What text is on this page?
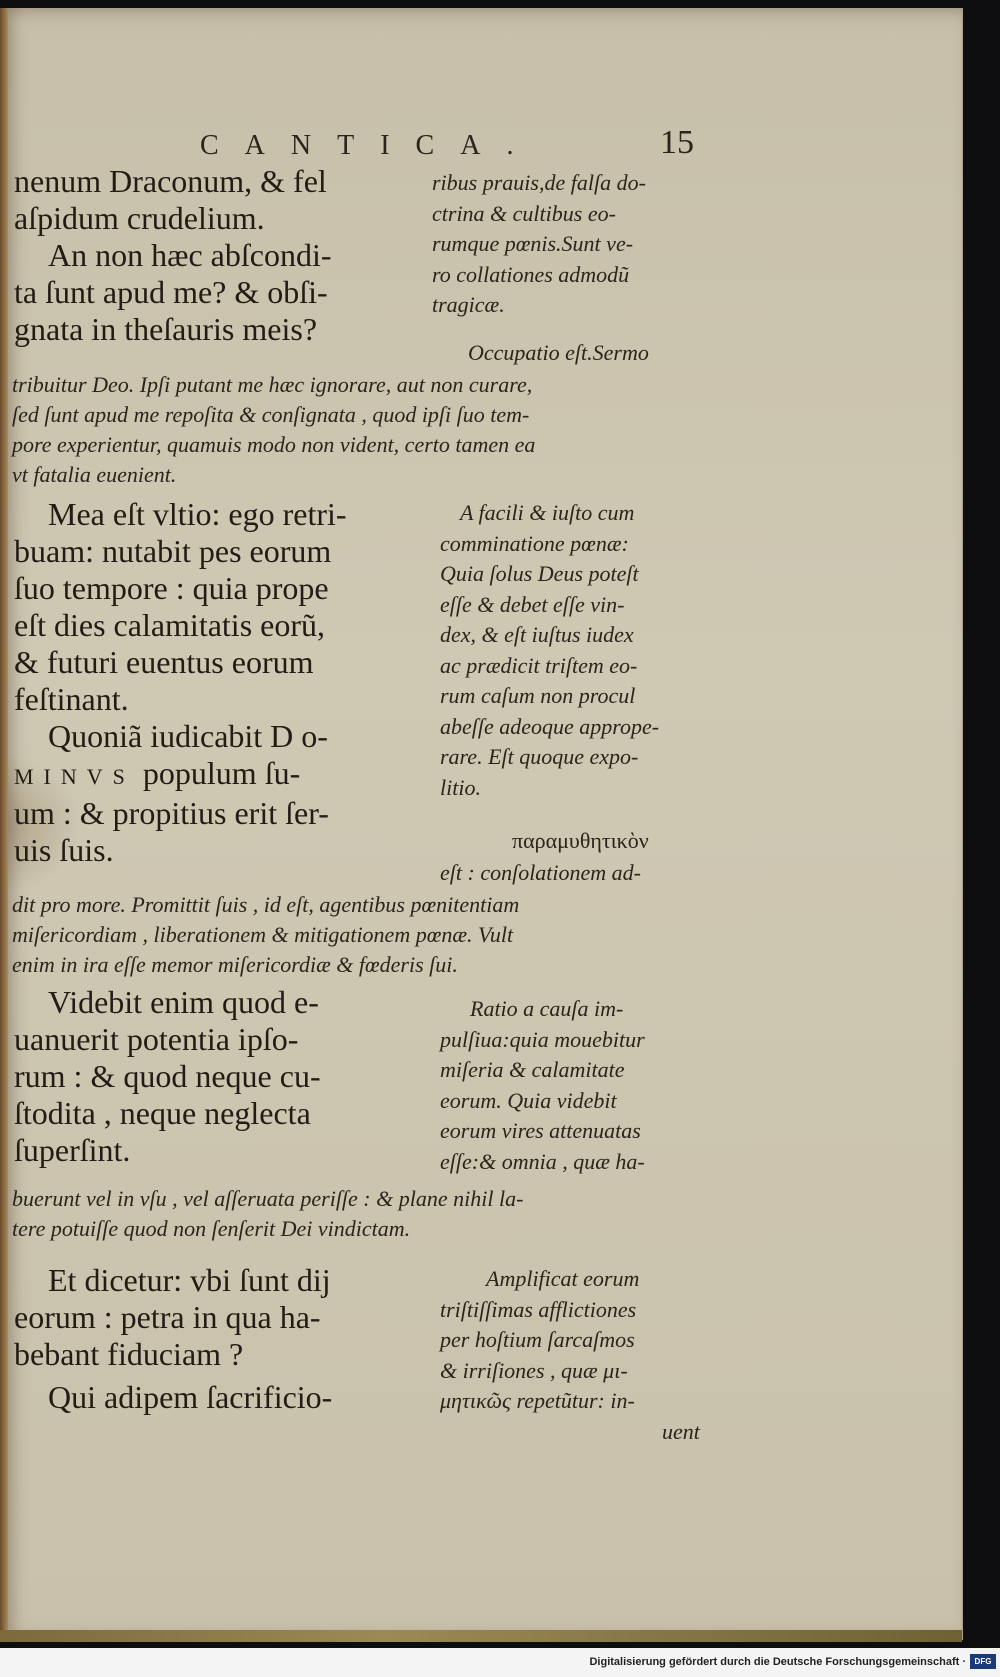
CANTICA.	15
nenum Draconum, & fel
aſpidum crudelium.
An non hæc abſcondi-
ta ſunt apud me? & obſi-
gnata in theſauris meis?
ribus prauis,de falſa do-
ctrina & cultibus eo-
rumque pœnis.Sunt ve-
ro collationes admodũ
tragicæ.
Occupatio eſt.Sermo
tribuitur Deo. Ipſi putant me hæc ignorare, aut non curare,
ſed ſunt apud me repoſita & conſignata , quod ipſi ſuo tem-
pore experientur, quamuis modo non vident, certo tamen ea
vt fatalia euenient.
Mea eſt vltio: ego retri-
buam: nutabit pes eorum
ſuo tempore : quia prope
eſt dies calamitatis eorũ,
& futuri euentus eorum
feſtinant.
Quoniã iudicabit D o-
MINVS populum ſu-
um : & propitius erit ſer-
uis ſuis.
A facili & iuſto cum
comminatione pœnæ:
Quia ſolus Deus poteſt
eſſe & debet eſſe vin-
dex, & eſt iuſtus iudex
ac prædicit triſtem eo-
rum caſum non procul
abeſſe adeoque apprope-
rare. Eſt quoque expo-
litio.
παραμυθητικὸν
eſt : conſolationem ad-
dit pro more. Promittit ſuis , id eſt, agentibus pœnitentiam
miſericordiam , liberationem & mitigationem pœnæ. Vult
enim in ira eſſe memor miſericordiæ & fœderis ſui.
Videbit enim quod e-
uanuerit potentia ipſo-
rum : & quod neque cu-
ſtodita , neque neglecta
ſuperſint.
Ratio a cauſa im-
pulſiua:quia mouebitur
miſeria & calamitate
eorum. Quia videbit
eorum vires attenuatas
eſſe:& omnia , quæ ha-
buerunt vel in vſu , vel aſſeruata periſſe : & plane nihil la-
tere potuiſſe quod non ſenſerit Dei vindictam.
Et dicetur: vbi ſunt dij
eorum : petra in qua ha-
bebant fiduciam ?
Qui adipem ſacrificio-
Amplificat eorum
triſtiſſimas afflictiones
per hoſtium ſarcaſmos
& irriſiones , quæ μι-
μητικῶς repetũtur: in-
uent
Digitalisierung gefördert durch die Deutsche Forschungsgemeinschaft ·	DFG
